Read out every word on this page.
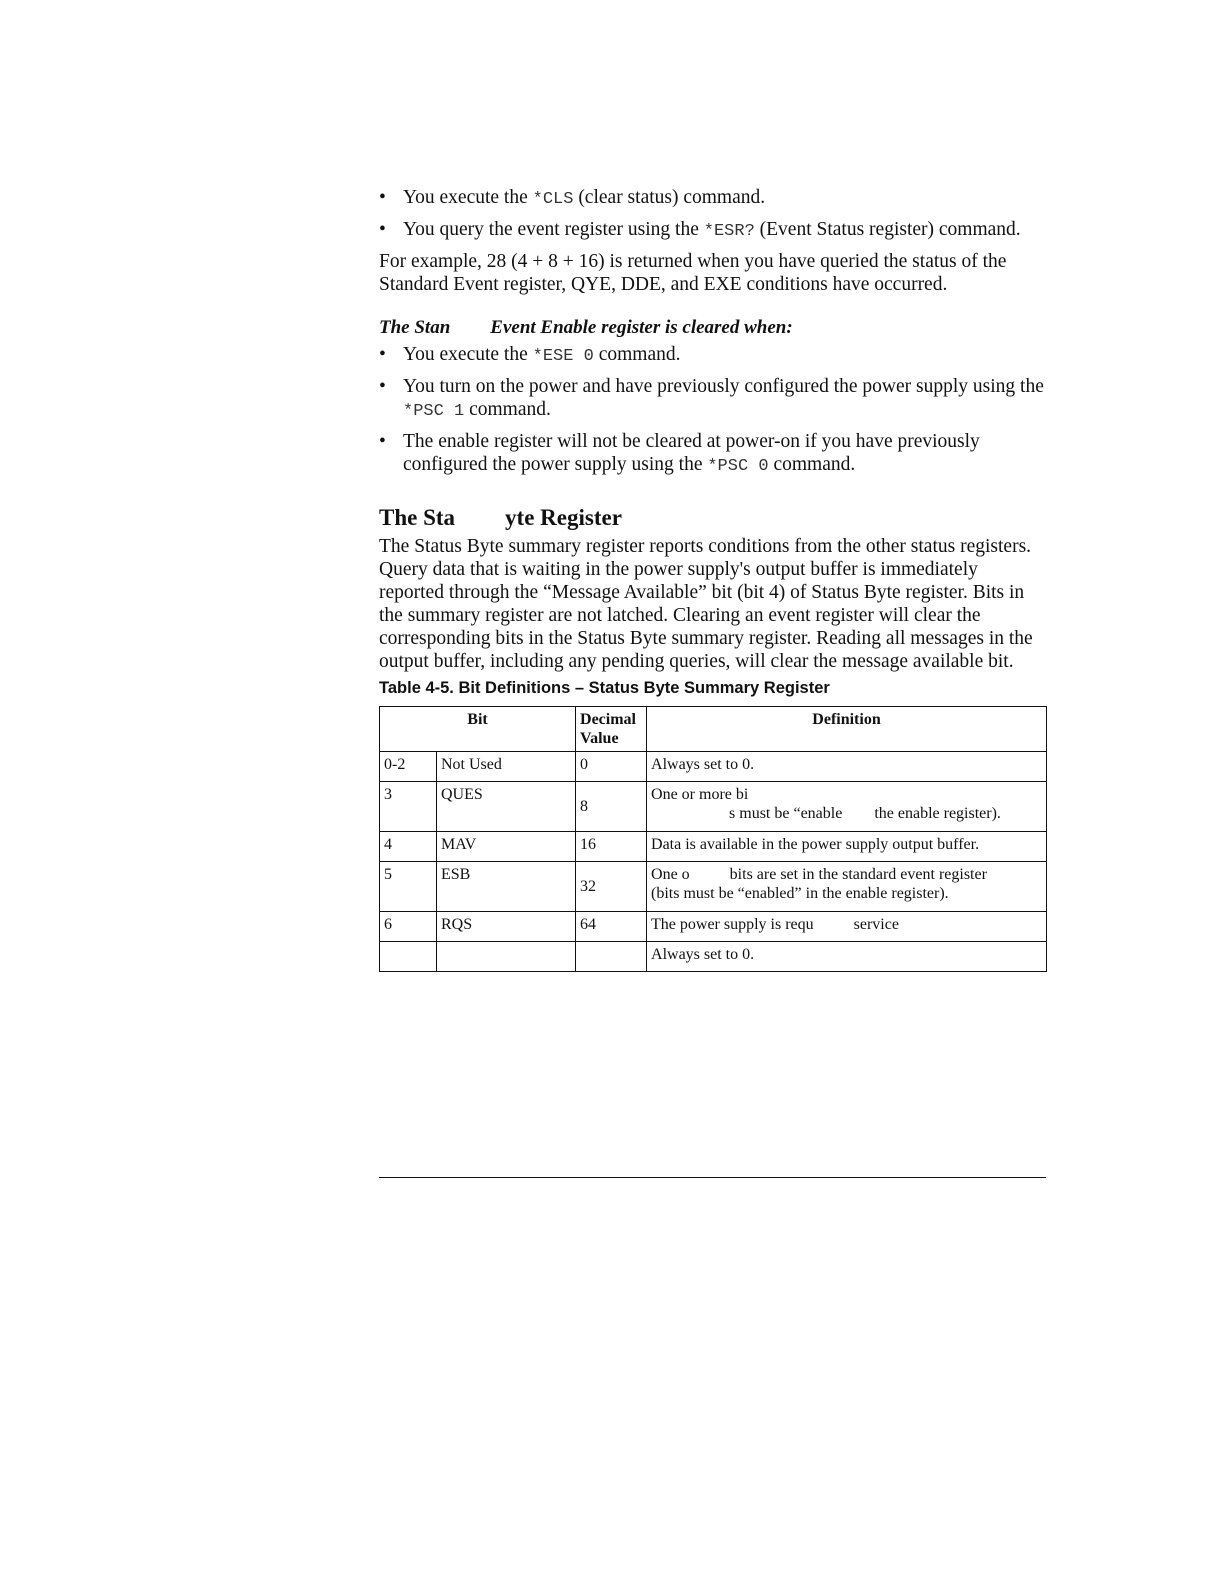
• You execute the *CLS (clear status) command.
• You query the event register using the *ESR? (Event Status register) command.

For example, 28 (4 + 8 + 16) is returned when you have queried the status of the Standard Event register, QYE, DDE, and EXE conditions have occurred.

The Stan Event Enable register is cleared when:
• You execute the *ESE 0 command.
• You turn on the power and have previously configured the power supply using the *PSC 1 command.
• The enable register will not be cleared at power-on if you have previously configured the power supply using the *PSC 0 command.
The Sta yte Register

The Status Byte summary register reports conditions from the other status registers. Query data that is waiting in the power supply's output buffer is immediately reported through the “Message Available” bit (bit 4) of Status Byte register. Bits in the summary register are not latched. Clearing an event register will clear the corresponding bits in the Status Byte summary register. Reading all messages in the output buffer, including any pending queries, will clear the message available bit.

Table 4-5. Bit Definitions – Status Byte Summary Register
Bit		Decimal Value	Definition
0-2	Not Used	0	Always set to 0.
3	QUES	8	One or more bi
s must be “enable        the enable register).

4	MAV	16	Data is available in the power supply output buffer.
5	ESB	32	One o          bits are set in the standard event register
(bits must be “enabled” in the enable register).
6	RQS	64	The power supply is requ          service
			Always set to 0.
